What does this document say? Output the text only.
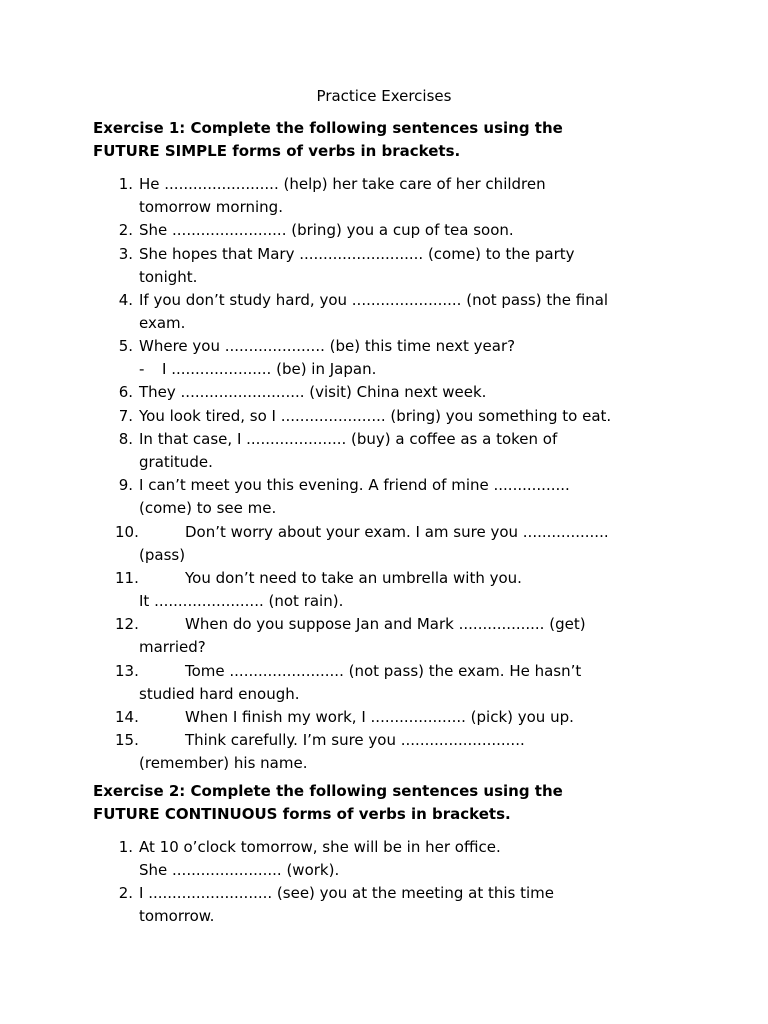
Practice Exercises
Exercise 1: Complete the following sentences using the
FUTURE SIMPLE forms of verbs in brackets.
1. He ........................ (help) her take care of her children
tomorrow morning.
2. She ........................ (bring) you a cup of tea soon.
3. She hopes that Mary .......................... (come) to the party
tonight.
4. If you don’t study hard, you ....................... (not pass) the final
exam.
5. Where you ..................... (be) this time next year?
- I ..................... (be) in Japan.
6. They .......................... (visit) China next week.
7. You look tired, so I ...................... (bring) you something to eat.
8. In that case, I ..................... (buy) a coffee as a token of
gratitude.
9. I can’t meet you this evening. A friend of mine ................
(come) to see me.
10.	Don’t worry about your exam. I am sure you ..................
(pass)
11.	You don’t need to take an umbrella with you.
It ....................... (not rain).
12.	When do you suppose Jan and Mark .................. (get)
married?
13.	Tome ........................ (not pass) the exam. He hasn’t
studied hard enough.
14.	When I finish my work, I .................... (pick) you up.
15.	Think carefully. I’m sure you ..........................
(remember) his name.
Exercise 2: Complete the following sentences using the
FUTURE CONTINUOUS forms of verbs in brackets.
1. At 10 o’clock tomorrow, she will be in her office.
She ....................... (work).
2. I .......................... (see) you at the meeting at this time
tomorrow.
